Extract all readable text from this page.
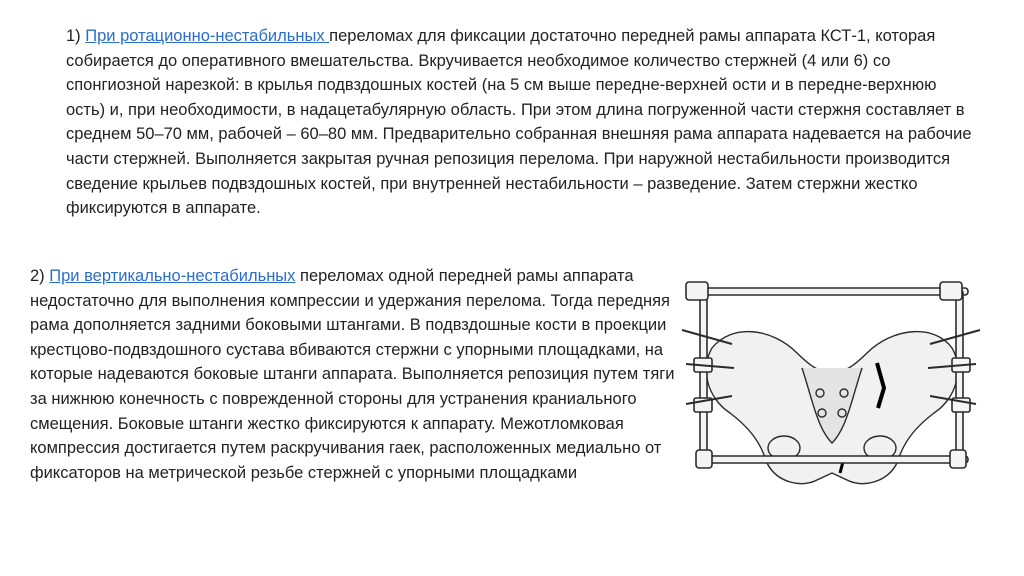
1) При ротационно-нестабильных переломах для фиксации достаточно передней рамы аппарата КСТ-1, которая собирается до оперативного вмешательства. Вкручивается необходимое количество стержней (4 или 6) со спонгиозной нарезкой: в крылья подвздошных костей (на 5 см выше передне-верхней ости и в передне-верхнюю ость) и, при необходимости, в надацетабулярную область. При этом длина погруженной части стержня составляет в среднем 50–70 мм, рабочей – 60–80 мм. Предварительно собранная внешняя рама аппарата надевается на рабочие части стержней. Выполняется закрытая ручная репозиция перелома. При наружной нестабильности производится сведение крыльев подвздошных костей, при внутренней нестабильности – разведение. Затем стержни жестко фиксируются в аппарате.

2) При вертикально-нестабильных переломах одной передней рамы аппарата недостаточно для выполнения компрессии и удержания перелома. Тогда передняя рама дополняется задними боковыми штангами. В подвздошные кости в проекции крестцово-подвздошного сустава вбиваются стержни с упорными площадками, на которые надеваются боковые штанги аппарата. Выполняется репозиция путем тяги за нижнюю конечность с поврежденной стороны для устранения краниального смещения. Боковые штанги жестко фиксируются к аппарату. Межотломковая компрессия достигается путем раскручивания гаек, расположенных медиально от фиксаторов на метрической резьбе стержней с упорными площадками
